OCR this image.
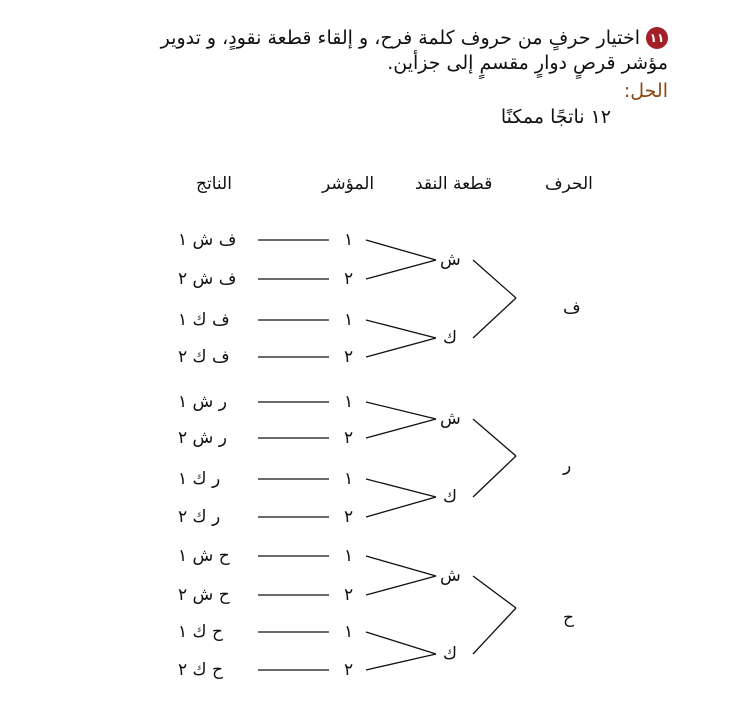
١١اختيار حرفٍ من حروف كلمة فرح، و إلقاء قطعة نقودٍ، و تدوير
مؤشر قرصٍ دوارٍ مقسمٍ إلى جزأين.
الحل:
١٢ ناتجًا ممكنًا
الحرف
قطعة النقد
المؤشر
الناتج
ف
ش
١
ف ش ١
٢
ف ش ٢
ك
١
ف ك ١
٢
ف ك ٢
ر
ش
١
ر ش ١
٢
ر ش ٢
ك
١
ر ك ١
٢
ر ك ٢
ح
ش
١
ح ش ١
٢
ح ش ٢
ك
١
ح ك ١
٢
ح ك ٢
